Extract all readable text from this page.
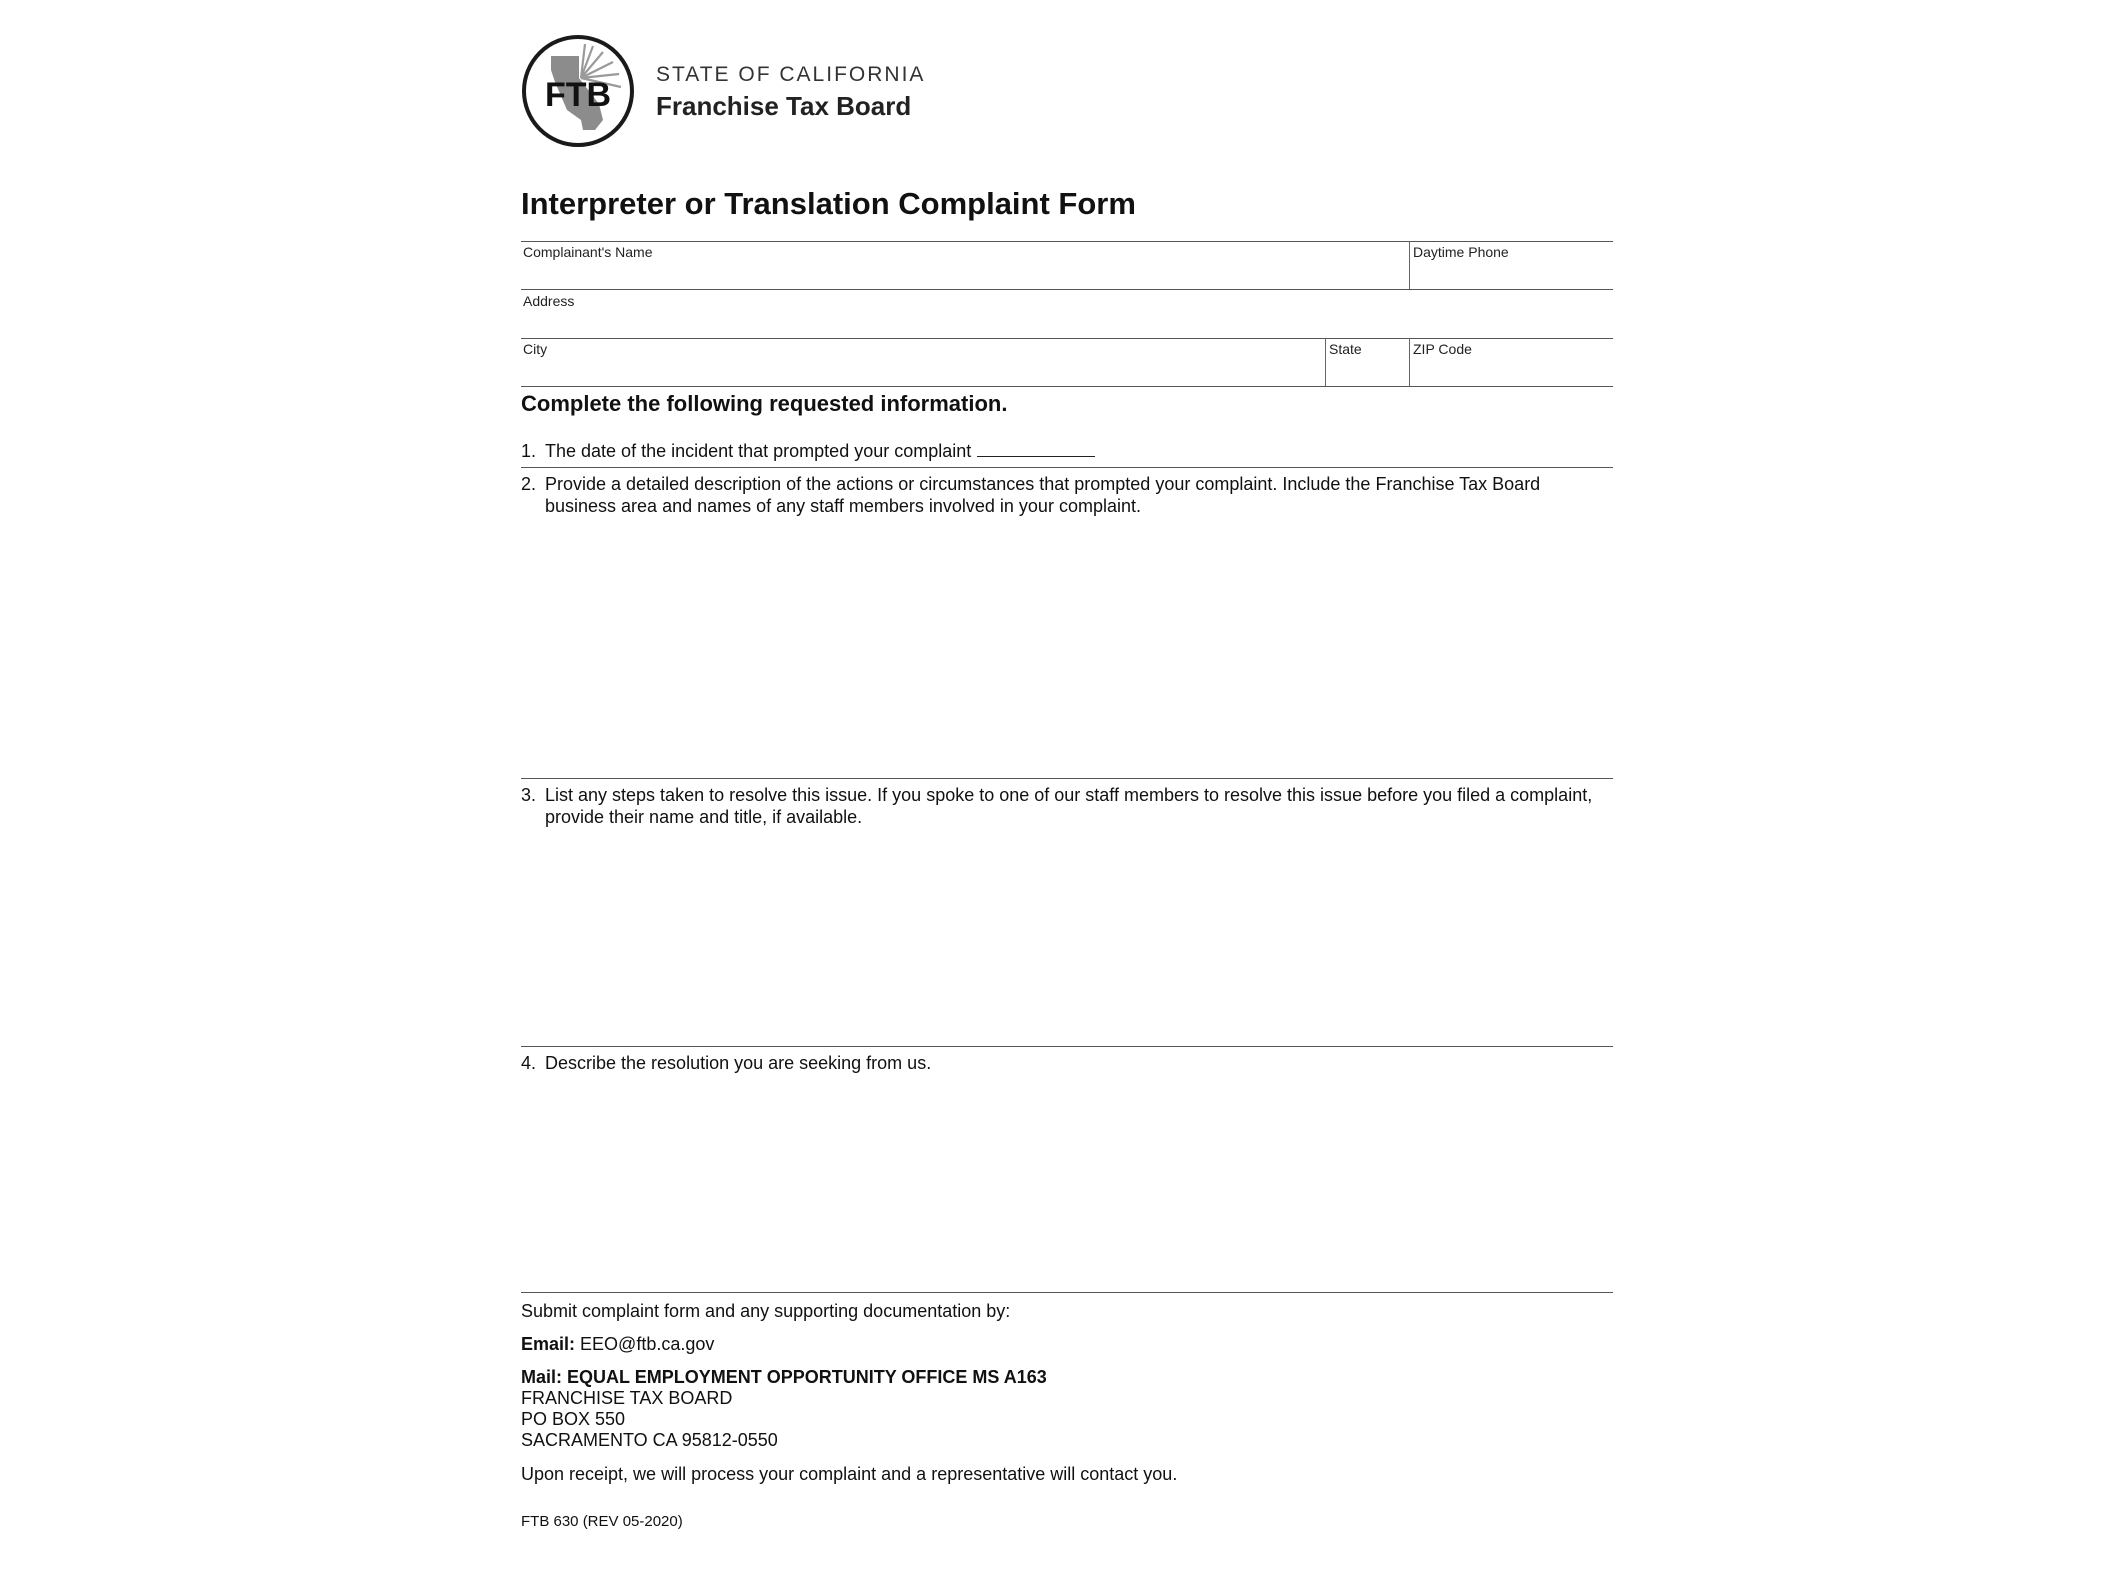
FTB
STATE OF CALIFORNIA
Franchise Tax Board
Interpreter or Translation Complaint Form
Complainant's Name	Daytime Phone
Address
City	State	ZIP Code
Complete the following requested information.
1. The date of the incident that prompted your complaint
2. Provide a detailed description of the actions or circumstances that prompted your complaint. Include the Franchise Tax Board business area and names of any staff members involved in your complaint.
3. List any steps taken to resolve this issue. If you spoke to one of our staff members to resolve this issue before you filed a complaint, provide their name and title, if available.
4. Describe the resolution you are seeking from us.
Submit complaint form and any supporting documentation by:
Email: EEO@ftb.ca.gov
Mail: EQUAL EMPLOYMENT OPPORTUNITY OFFICE MS A163
FRANCHISE TAX BOARD
PO BOX 550
SACRAMENTO CA 95812-0550
Upon receipt, we will process your complaint and a representative will contact you.
FTB 630 (REV 05-2020)
